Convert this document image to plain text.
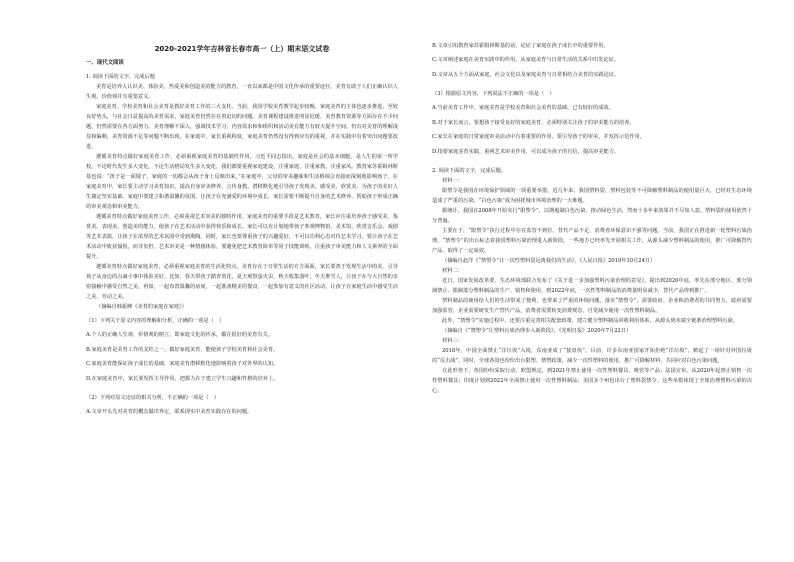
2020-2021学年吉林省长春市高一（上）期末语文试卷

一、现代文阅读

1. 阅读下面的文字，完成后题

美育是培养人认识美、体验美、热爱美和创造美的能力的教育，一直以来都是中国文化传承的重要途径。美育有助于人们正确认识人生观、价值观并有重要意义。

家庭美育、学校美育和社会美育是教好美育工作的三大支柱。当前，我国学校美育教学起步较晚，家庭美育的主体也逐步推进，至较良好势头，与社会日益提高的美育需求，家庭美育仍然存在着迫切的问题。美育课程建设推进明显迟缓，美育教育资源等方面存在不少问题，仍然需要在各方面努力。美育理解不深入，强调技术学习，内容需求和和组织和活动美有能力有较大提升空间。仍有对美育的理解浅显和偏颇，美育资源不足等问题不断出现。在家庭中，家长重视程度，家庭美育仍然没有得到应有的重视，并在实践中有着突出问题要改进。

遵循美育特点做好家庭美育工作，必须重视家庭美育的基础性作用，习近平同志指出，家庭是社会的基本细胞，是人生的第一所学校。不论时代发生多大变化，不论生活格局发生多大变化，我们都要重视家庭建设，注重家庭、注重家教、注重家风。教育家苏霍姆林斯基也说：“孩子是一面镜子，家庭的一切都会从孩子身上反映出来。”在家庭中，父母的审美趣味和生活格调会直接而深刻地影响孩子。在家庭美育中，家长要主动学习美育知识，提高自身审美修养，言传身教，潜移默化地引导孩子发现美、感受美、欣赏美，为孩子的美好人生奠定坚实基础。家庭中要建立和谐温馨的氛围，让孩子在充满爱的环境中成长，家长需要不断提升自身的艺术修养，帮助孩子形成正确的审美观念和审美能力。

遵循美育特点做好家庭美育工作，必须重视艺术审美的独特作用。家庭美育的重要手段是艺术教育，家长应注重培养孩子感受美、鉴赏美、表现美、创造美的能力，使孩子在艺术活动中获得快乐和成长。家长可以有计划地带孩子参观博物馆、美术馆，欣赏音乐会、戏剧等艺术表演，让孩子在浓厚的艺术氛围中受到熏陶。同时，家长也要尊重孩子的兴趣爱好，不可以功利心态对待艺术学习，要让孩子在艺术活动中收获愉悦，而非负担。艺术审美是一种情感体验，要避免把艺术教育简单等同于技能训练，注重孩子审美能力和人文素养的全面提升。

遵循美育特点做好家庭美育，必须重视家庭美育的生活化特点。美育存在于日常生活的方方面面，家长要善于发现生活中的美，引导孩子从身边的点滴小事中体验美好。比如，春天带孩子踏青赏花，夏天观察萤火虫，秋天收集落叶，冬天堆雪人，让孩子在与大自然的亲密接触中感受自然之美。再如，一起布置温馨的房间，一起准备精美的餐食，一起参加有意义的社区活动，让孩子在家庭生活中感受生活之美、劳动之美。

（摘编自韩振峰《美育的家庭在家庭》）

（1）下列关于原文内容的理解和分析，正确的一项是（　）

A.个人的正确人生观、价值观的树立，即家庭文化的传承，都在很好的美育有关。

B.家庭美育是美育工作的支柱之一，做好家庭美育，能使孩子学校美育和社会美育。

C.家庭美育能保证孩子成长的基础，家庭美育潜移默化地影响着孩子对外界的认知。

D.在家庭美育中，家长要发挥主导作用，把握力在于建立学生兴趣和性格的培养上。

（2）下列对原文论证的相关分析，不正确的一项是（　）

A.文章开头先对美育的概念做出界定，联系现实中美育实践存在的问题。

B.文章引用教育家苏霍姆林斯基的话，论证了家庭在孩子成长中的重要作用。

C.文章阐述家庭在美育实践中的作用，从家庭美育与日常生活的关系中出发论证。

D.文章从五个方面从家庭、社会文化以及家庭美育与日常相结合美育的实践论证。

（3）根据原文内容，下列说法不正确的一项是（　）

A.当前美育工作中，家庭美育是学校美育和社会美育的基础，已有较好的成效。

B.对于家长而言，要想孩子接受良好的家庭美育，必须特别关注孩子的审美能力的培养。

C.家长在家庭的日常家庭审美活动中有着重要的作用，要引导孩子的审美，并发挥示范作用。

D.指要家庭美育实践，重视艺术审美作用，可以成为孩子的自信，提高审美能力。

2. 阅读下面的文字，完成后题。

材料一：

限塑令是我国在环境保护领域的一项重要举措，近几年来，我国塑料袋、塑料包装等不可降解塑料制品的使用量巨大，已经对生态环境造成了严重的污染。“白色污染”成为困扰城市环境治理的一大难题。

据统计，我国在2008年开始实行“限塑令”，以期遏制白色污染，推动绿色生活，然而十多年来效果并不尽如人意，塑料袋的使用依然十分普遍。

主要在于，“限塑令”执行过程中存在监管不到位、替代产品不足、消费者环保意识不强等问题。当前，我国正在推进新一轮塑料污染治理，“禁塑令”的出台标志着我国塑料污染治理进入新阶段。一些地方已经率先开展相关工作，从源头减少塑料制品的使用，推广可降解替代产品，取得了一定成效。

（摘编自赵洋《“禁塑令”让一次性塑料袋远离我们的生活》，《人民日报》2019年10月24日）

材料二：

近日，国家发展改革委、生态环境部联合发布了《关于进一步加强塑料污染治理的意见》，提出到2020年底，率先在部分地区、部分领域禁止、限制部分塑料制品的生产、销售和使用，到2022年底，一次性塑料制品的消费量明显减少，替代产品得到推广。

塑料制品的使用给人们的生活带来了便利，也带来了严重的环境问题。落实“禁塑令”，需要政府、企业和消费者的共同努力，政府需要加强监管，企业需要研发生产替代产品，消费者需要转变消费观念，自觉减少使用一次性塑料制品。

此外，“禁塑令”实施过程中，还要注重完善相关配套政策，建立健全塑料制品回收利用体系，从源头到末端全链条治理塑料污染。

（摘编自《“禁塑令”让塑料污染治理步入新阶段》，《光明日报》2020年7月22日）

材料三：

2018年，中国全面禁止“洋垃圾”入境，东南亚成了“接盘侠”。目前，许多东南亚国家开始拒绝“洋垃圾”，掀起了一场针对外国垃圾的“反击战”。同时，全球各国也纷纷出台限塑、禁塑政策，减少一次性塑料的使用，推广可降解材料，共同应对白色污染问题。

在此形势下，各国纷纷采取行动。欧盟规定，到2021年禁止使用一次性塑料餐具、吸管等产品；法国宣布，从2020年起禁止销售一次性塑料餐具；印度计划到2022年全面禁止使用一次性塑料制品；美国多个州也出台了塑料袋禁令。这些举措体现了全球治理塑料污染的决心。
